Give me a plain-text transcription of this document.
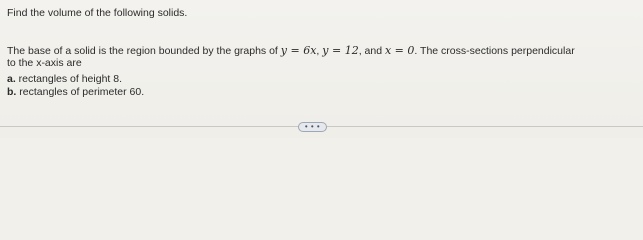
Find the volume of the following solids.
The base of a solid is the region bounded by the graphs of y = 6x, y = 12, and x = 0. The cross-sections perpendicular
to the x-axis are
a. rectangles of height 8.
b. rectangles of perimeter 60.
• • •
